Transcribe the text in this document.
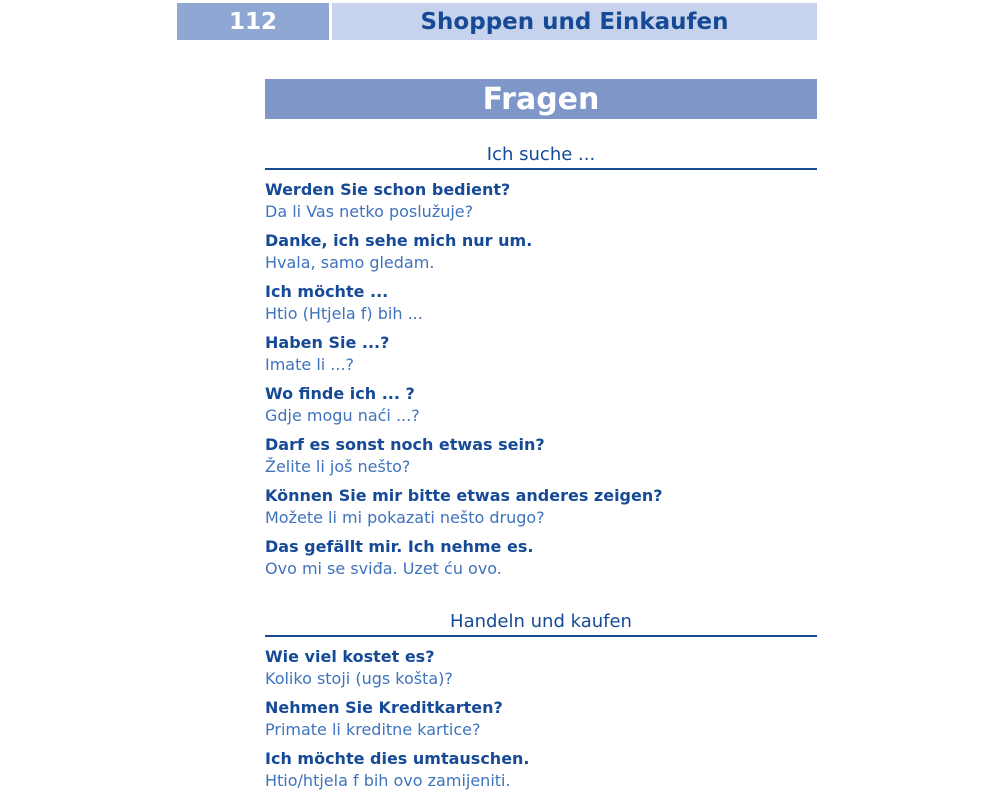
112	Shoppen und Einkaufen
Fragen
Ich suche ...
Werden Sie schon bedient?
Da li Vas netko poslužuje?
Danke, ich sehe mich nur um.
Hvala, samo gledam.
Ich möchte ...
Htio (Htjela f) bih ...
Haben Sie ...?
Imate li ...?
Wo finde ich ... ?
Gdje mogu naći ...?
Darf es sonst noch etwas sein?
Želite li još nešto?
Können Sie mir bitte etwas anderes zeigen?
Možete li mi pokazati nešto drugo?
Das gefällt mir. Ich nehme es.
Ovo mi se sviđa. Uzet ću ovo.
Handeln und kaufen
Wie viel kostet es?
Koliko stoji (ugs košta)?
Nehmen Sie Kreditkarten?
Primate li kreditne kartice?
Ich möchte dies umtauschen.
Htio/htjela f bih ovo zamijeniti.
